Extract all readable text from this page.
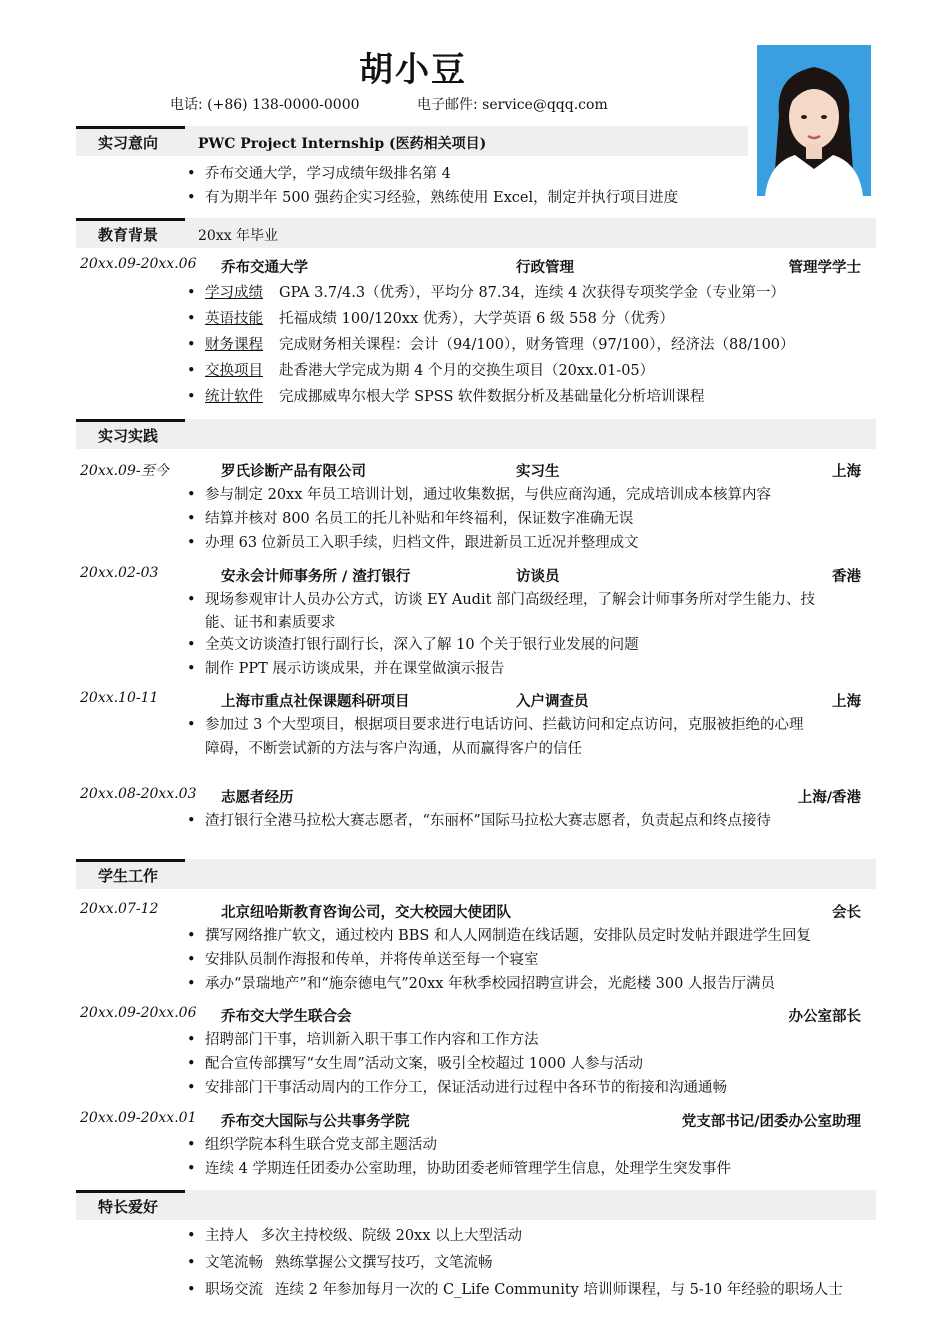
胡小豆
电话: (+86) 138-0000-0000	电子邮件: service@qqq.com
实习意向	PWC Project Internship (医药相关项目)
• 乔布交通大学，学习成绩年级排名第 4
• 有为期半年 500 强药企实习经验，熟练使用 Excel，制定并执行项目进度
教育背景	20xx 年毕业
20xx.09-20xx.06 乔布交通大学	行政管理	管理学学士
• 学习成绩 GPA 3.7/4.3（优秀），平均分 87.34，连续 4 次获得专项奖学金（专业第一）
• 英语技能 托福成绩 100/120xx 优秀），大学英语 6 级 558 分（优秀）
• 财务课程 完成财务相关课程：会计（94/100），财务管理（97/100），经济法（88/100）
• 交换项目 赴香港大学完成为期 4 个月的交换生项目（20xx.01-05）
• 统计软件 完成挪威卑尔根大学 SPSS 软件数据分析及基础量化分析培训课程
实习实践
20xx.09-至今	罗氏诊断产品有限公司	实习生	上海
• 参与制定 20xx 年员工培训计划，通过收集数据，与供应商沟通，完成培训成本核算内容
• 结算并核对 800 名员工的托儿补贴和年终福利，保证数字准确无误
• 办理 63 位新员工入职手续，归档文件，跟进新员工近况并整理成文
20xx.02-03	安永会计师事务所 / 渣打银行	访谈员	香港
• 现场参观审计人员办公方式，访谈 EY Audit 部门高级经理，了解会计师事务所对学生能力、技
能、证书和素质要求
• 全英文访谈渣打银行副行长，深入了解 10 个关于银行业发展的问题
• 制作 PPT 展示访谈成果，并在课堂做演示报告
20xx.10-11	上海市重点社保课题科研项目	入户调查员	上海
• 参加过 3 个大型项目，根据项目要求进行电话访问、拦截访问和定点访问，克服被拒绝的心理
障碍，不断尝试新的方法与客户沟通，从而赢得客户的信任
20xx.08-20xx.03 志愿者经历	上海/香港
• 渣打银行全港马拉松大赛志愿者，“东丽杯”国际马拉松大赛志愿者，负责起点和终点接待
学生工作
20xx.07-12	北京纽哈斯教育咨询公司，交大校园大使团队	会长
• 撰写网络推广软文，通过校内 BBS 和人人网制造在线话题，安排队员定时发帖并跟进学生回复
• 安排队员制作海报和传单，并将传单送至每一个寝室
• 承办“景瑞地产”和“施奈德电气”20xx 年秋季校园招聘宣讲会，光彪楼 300 人报告厅满员
20xx.09-20xx.06 乔布交大学生联合会	办公室部长
• 招聘部门干事，培训新入职干事工作内容和工作方法
• 配合宣传部撰写“女生周”活动文案，吸引全校超过 1000 人参与活动
• 安排部门干事活动周内的工作分工，保证活动进行过程中各环节的衔接和沟通通畅
20xx.09-20xx.01 乔布交大国际与公共事务学院	党支部书记/团委办公室助理
• 组织学院本科生联合党支部主题活动
• 连续 4 学期连任团委办公室助理，协助团委老师管理学生信息，处理学生突发事件
特长爱好
• 主持人 多次主持校级、院级 20xx 以上大型活动
• 文笔流畅 熟练掌握公文撰写技巧，文笔流畅
• 职场交流 连续 2 年参加每月一次的 C_Life Community 培训师课程，与 5-10 年经验的职场人士
